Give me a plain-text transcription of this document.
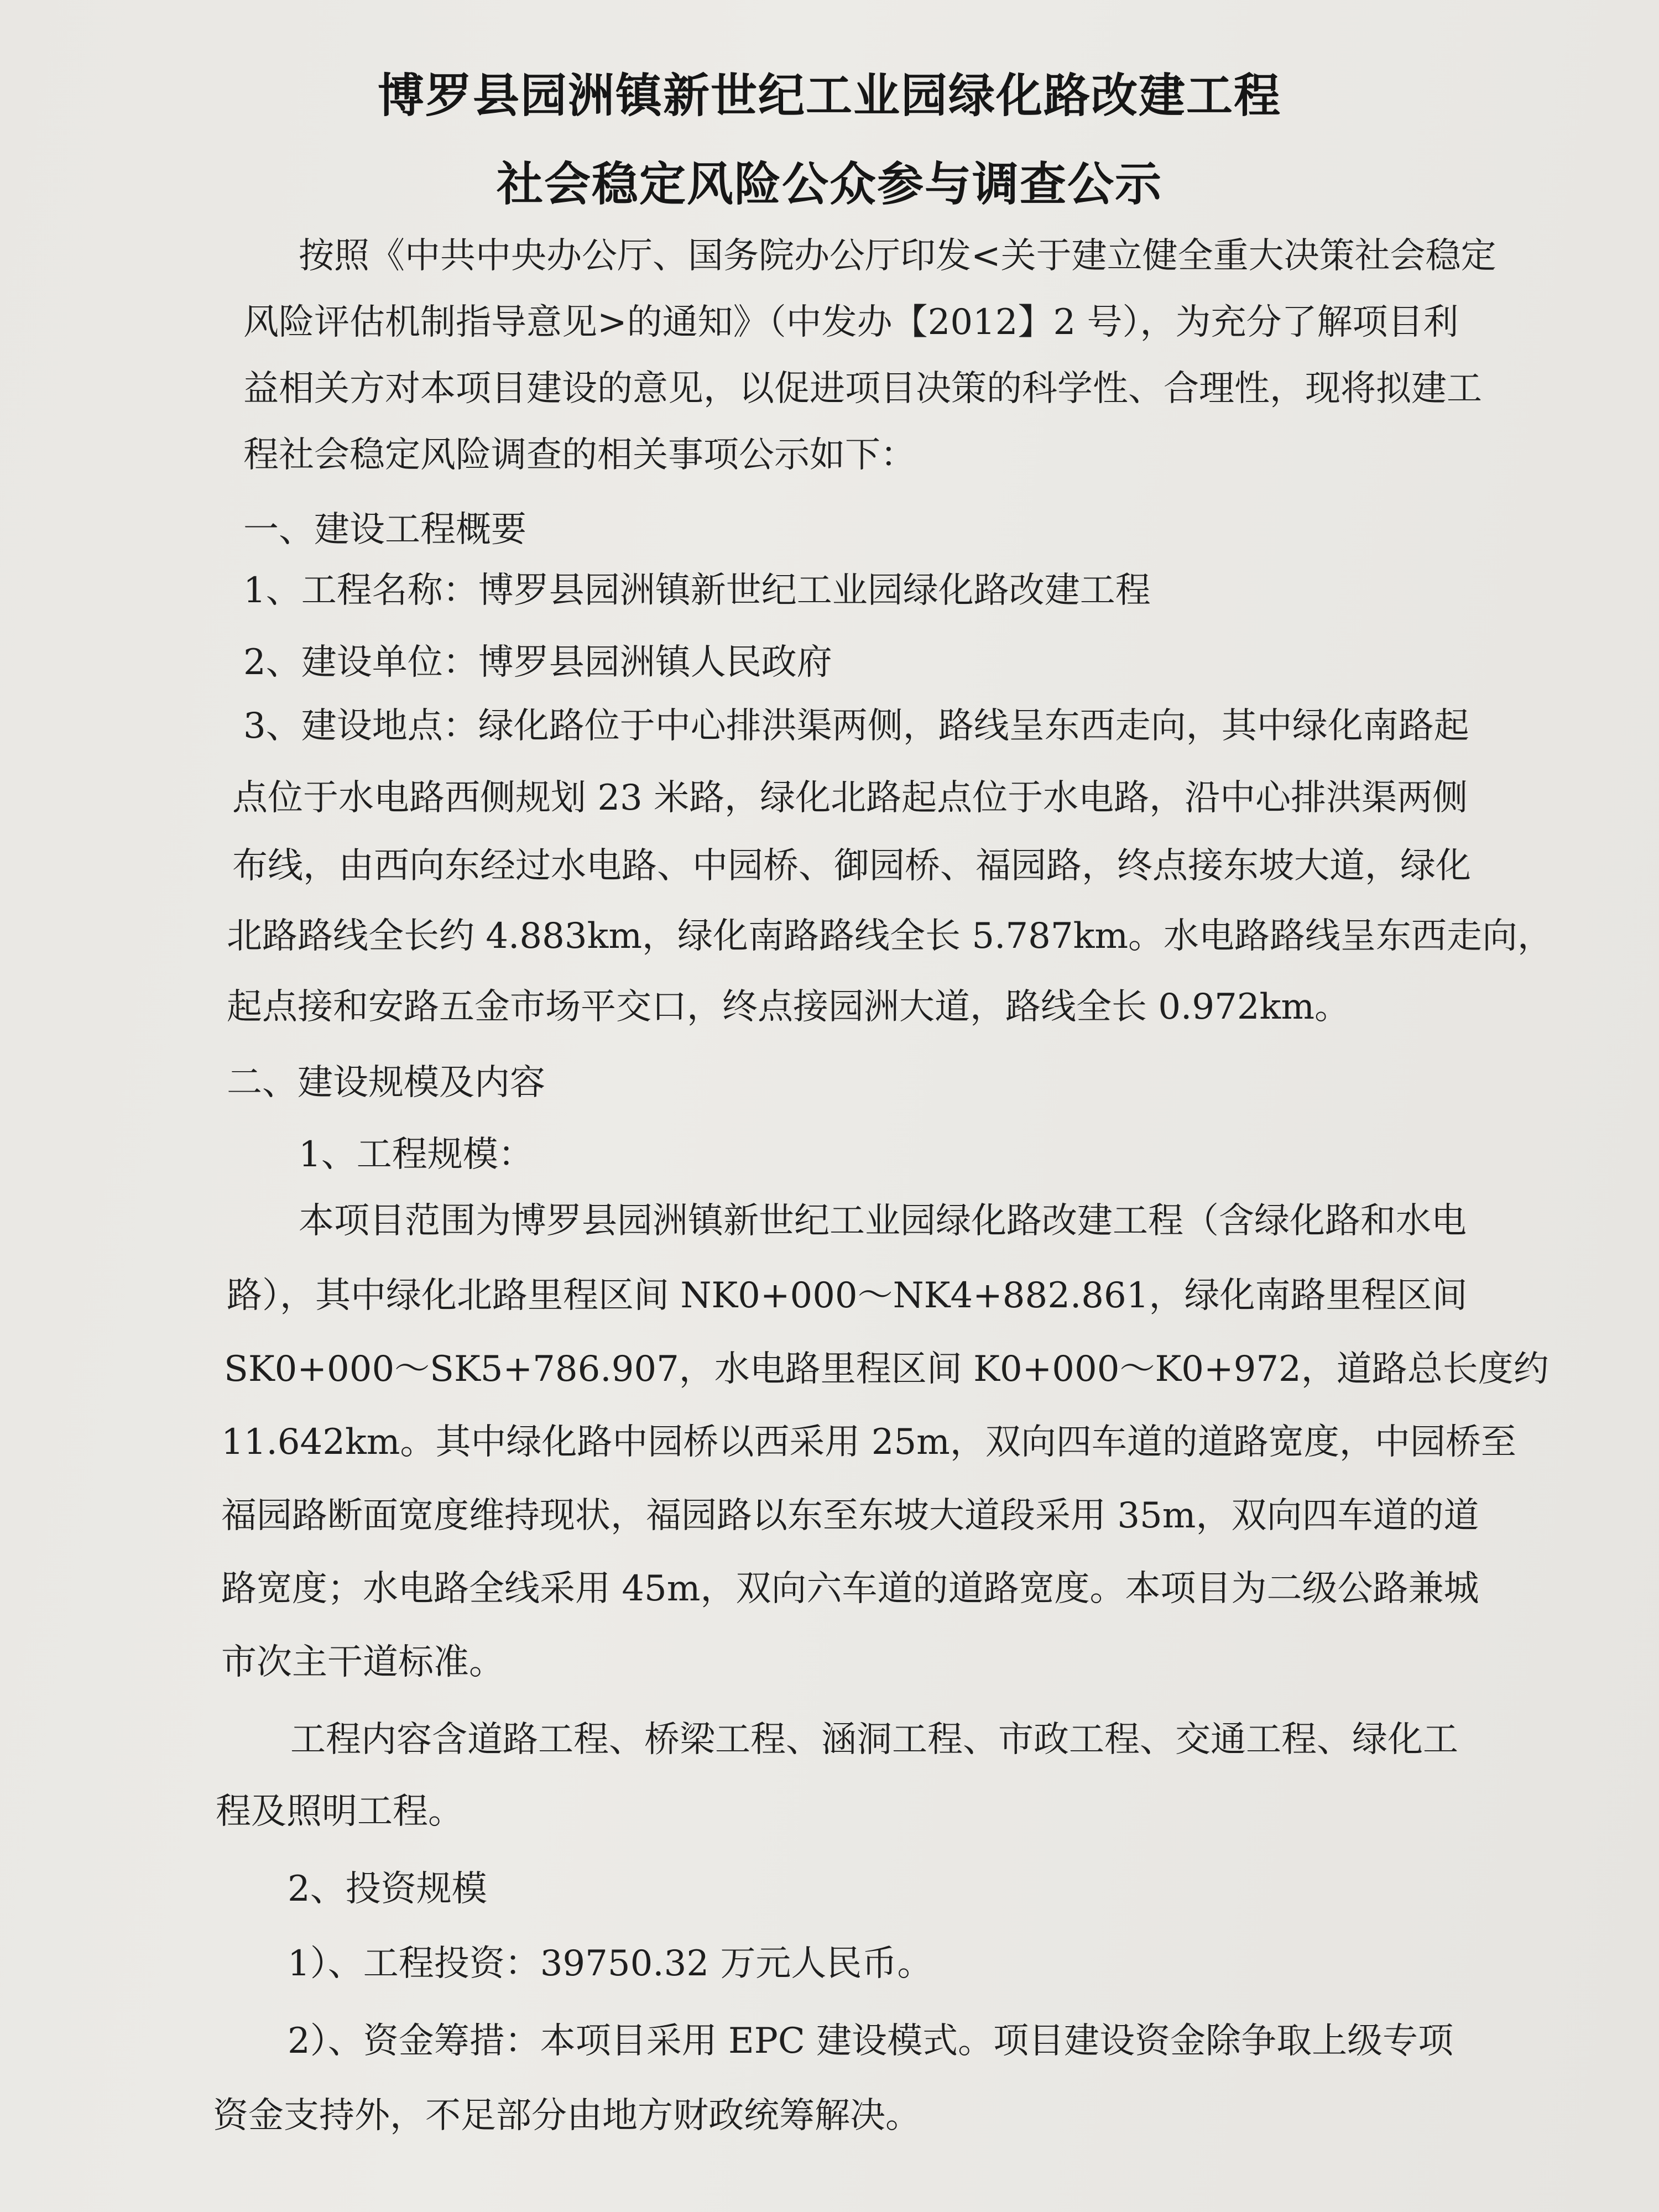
博罗县园洲镇新世纪工业园绿化路改建工程
社会稳定风险公众参与调查公示
按照《中共中央办公厅、国务院办公厅印发<关于建立健全重大决策社会稳定
风险评估机制指导意见>的通知》（中发办【2012】2 号），为充分了解项目利
益相关方对本项目建设的意见，以促进项目决策的科学性、合理性，现将拟建工
程社会稳定风险调查的相关事项公示如下：
一、建设工程概要
1、工程名称：博罗县园洲镇新世纪工业园绿化路改建工程
2、建设单位：博罗县园洲镇人民政府
3、建设地点：绿化路位于中心排洪渠两侧，路线呈东西走向，其中绿化南路起
点位于水电路西侧规划 23 米路，绿化北路起点位于水电路，沿中心排洪渠两侧
布线，由西向东经过水电路、中园桥、御园桥、福园路，终点接东坡大道，绿化
北路路线全长约 4.883km，绿化南路路线全长 5.787km。水电路路线呈东西走向，
起点接和安路五金市场平交口，终点接园洲大道，路线全长 0.972km。
二、建设规模及内容
1、工程规模：
本项目范围为博罗县园洲镇新世纪工业园绿化路改建工程（含绿化路和水电
路），其中绿化北路里程区间 NK0+000～NK4+882.861，绿化南路里程区间
SK0+000～SK5+786.907，水电路里程区间 K0+000～K0+972，道路总长度约
11.642km。其中绿化路中园桥以西采用 25m，双向四车道的道路宽度，中园桥至
福园路断面宽度维持现状，福园路以东至东坡大道段采用 35m，双向四车道的道
路宽度；水电路全线采用 45m，双向六车道的道路宽度。本项目为二级公路兼城
市次主干道标准。
工程内容含道路工程、桥梁工程、涵洞工程、市政工程、交通工程、绿化工
程及照明工程。
2、投资规模
1）、工程投资：39750.32 万元人民币。
2）、资金筹措：本项目采用 EPC 建设模式。项目建设资金除争取上级专项
资金支持外，不足部分由地方财政统筹解决。
